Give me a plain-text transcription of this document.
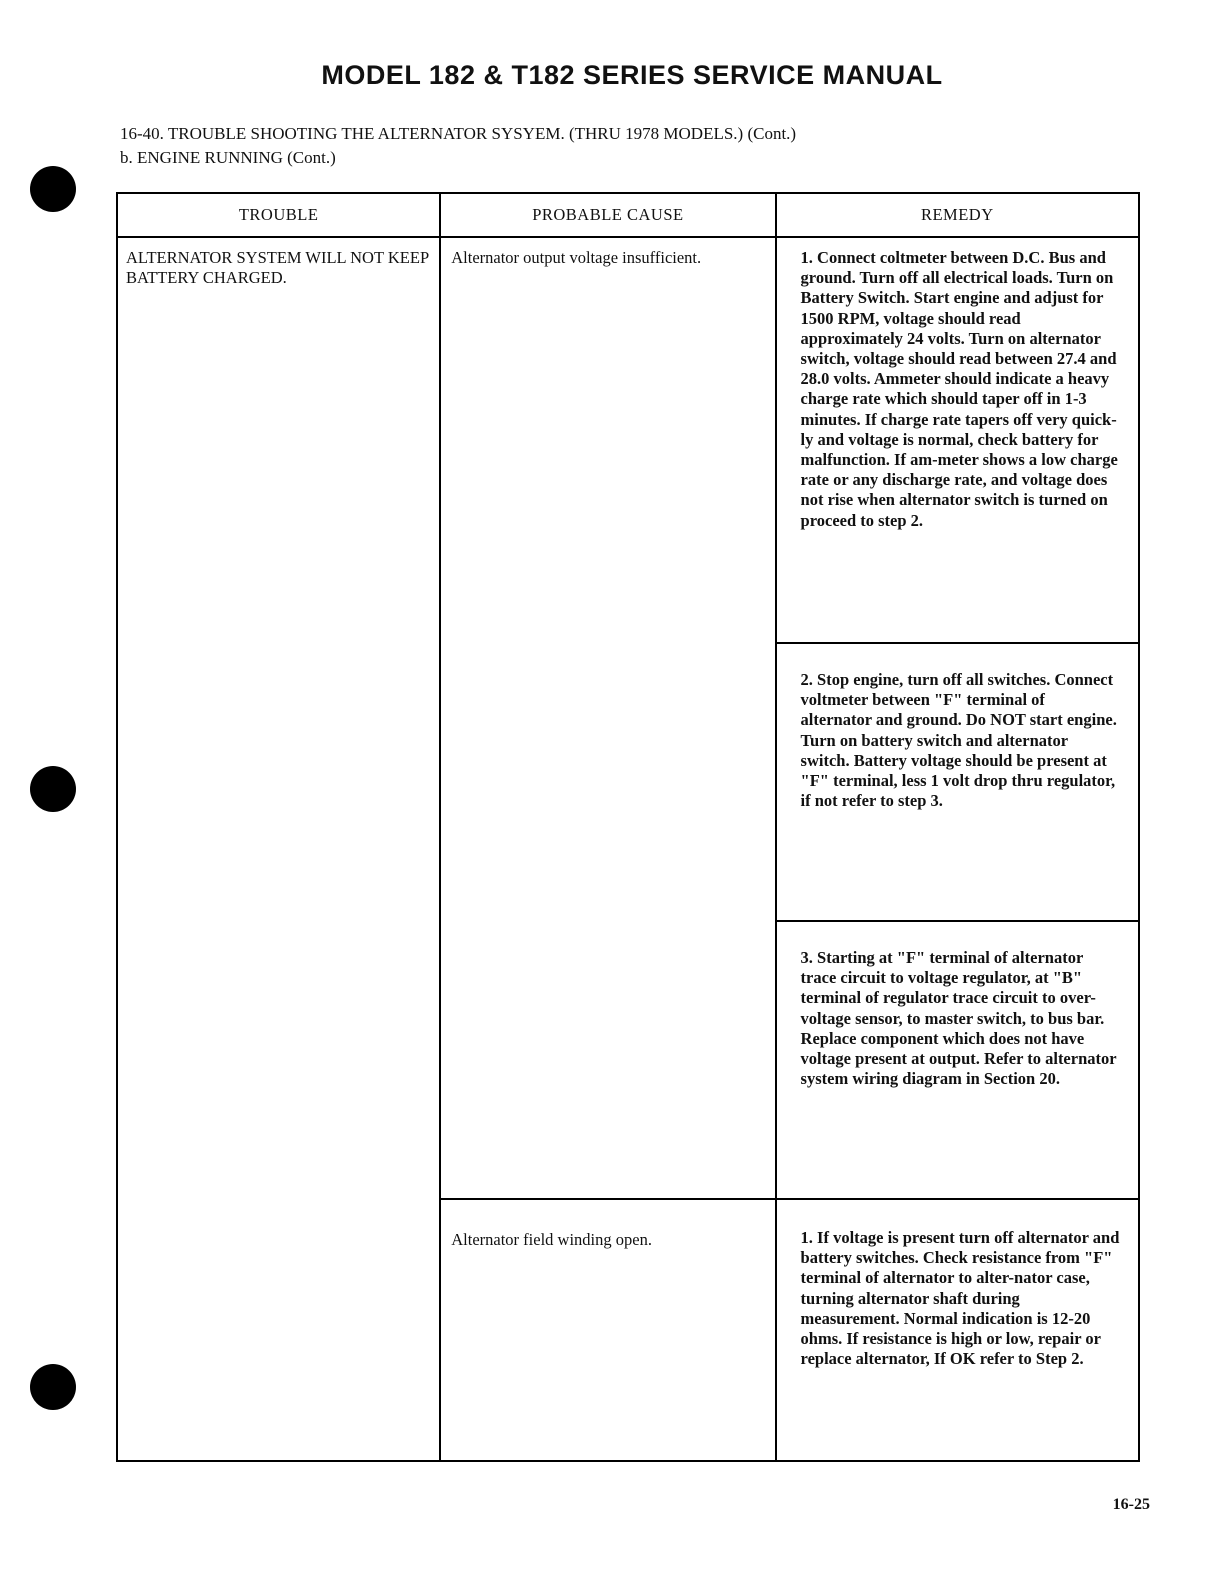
MODEL 182 & T182 SERIES SERVICE MANUAL
16-40. TROUBLE SHOOTING THE ALTERNATOR SYSYEM. (THRU 1978 MODELS.) (Cont.)
b. ENGINE RUNNING (Cont.)
TROUBLE	PROBABLE CAUSE	REMEDY
ALTERNATOR SYSTEM WILL NOT KEEP BATTERY CHARGED.	Alternator output voltage insufficient.	1. Connect coltmeter between D.C. Bus and ground. Turn off all electrical loads. Turn on Battery Switch. Start engine and adjust for 1500 RPM, voltage should read approximately 24 volts. Turn on alternator switch, voltage should read between 27.4 and 28.0 volts. Ammeter should indicate a heavy charge rate which should taper off in 1-3 minutes. If charge rate tapers off very quick-ly and voltage is normal, check battery for malfunction. If am-meter shows a low charge rate or any discharge rate, and voltage does not rise when alternator switch is turned on proceed to step 2.
		2. Stop engine, turn off all switches. Connect voltmeter between "F" terminal of alternator and ground. Do NOT start engine. Turn on battery switch and alternator switch. Battery voltage should be present at "F" terminal, less 1 volt drop thru regulator, if not refer to step 3.
		3. Starting at "F" terminal of alternator trace circuit to voltage regulator, at "B" terminal of regulator trace circuit to over-voltage sensor, to master switch, to bus bar. Replace component which does not have voltage present at output. Refer to alternator system wiring diagram in Section 20.
	Alternator field winding open.	1. If voltage is present turn off alternator and battery switches. Check resistance from "F" terminal of alternator to alter-nator case, turning alternator shaft during measurement. Normal indication is 12-20 ohms. If resistance is high or low, repair or replace alternator, If OK refer to Step 2.
16-25
